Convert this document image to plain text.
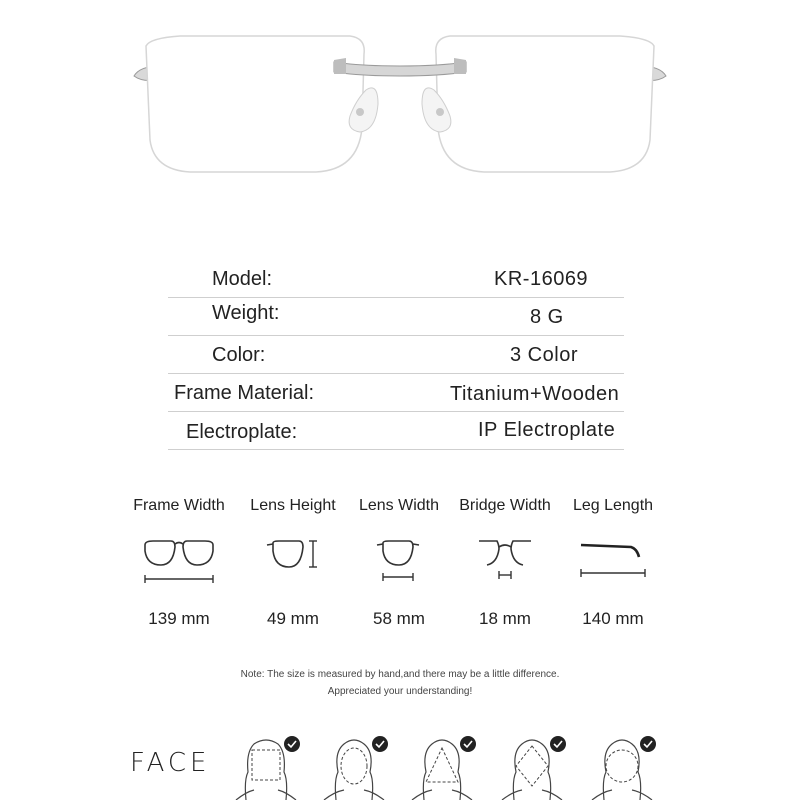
Model:	KR-16069
Weight:	8 G
Color:	3 Color
Frame Material:	Titanium+Wooden
Electroplate:	IP Electroplate
Frame Width
139 mm
Lens Height
49 mm
Lens Width
58 mm
Bridge Width
18 mm
Leg Length
140 mm
Note: The size is measured by hand,and there may be a little difference.
Appreciated your understanding!
FACE
